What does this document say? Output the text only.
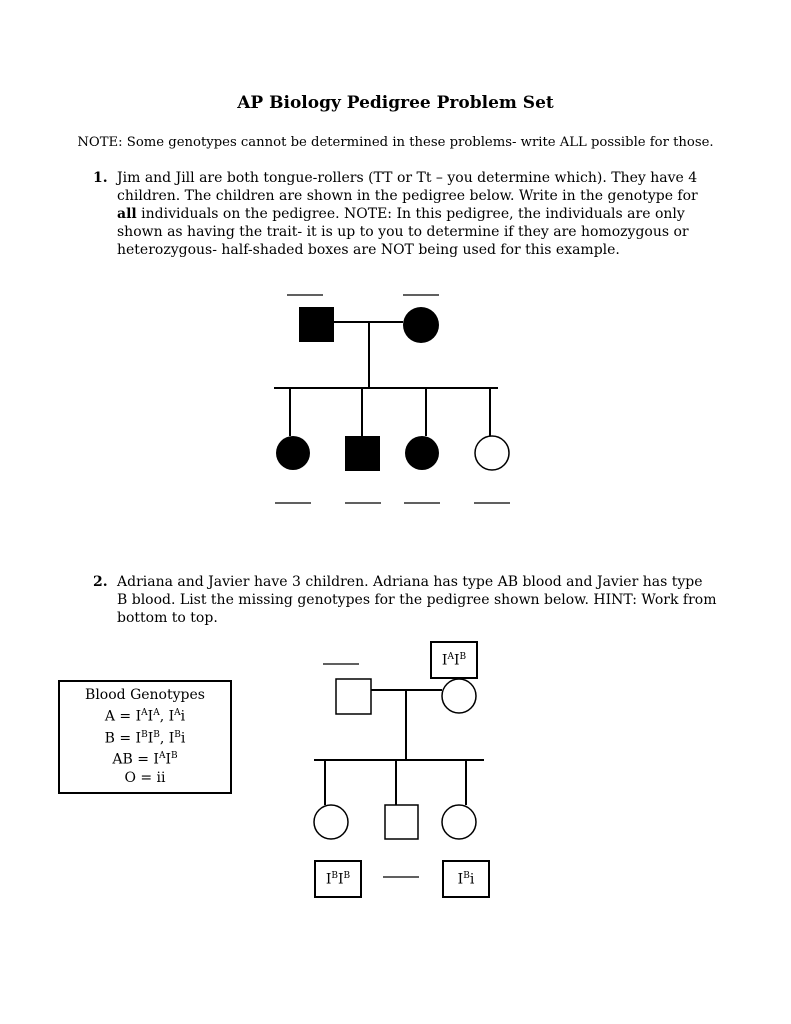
AP Biology Pedigree Problem Set
NOTE: Some genotypes cannot be determined in these problems- write ALL possible for those.
1. Jim and Jill are both tongue-rollers (TT or Tt – you determine which). They have 4 children. The children are shown in the pedigree below. Write in the genotype for all individuals on the pedigree. NOTE: In this pedigree, the individuals are only shown as having the trait- it is up to you to determine if they are homozygous or heterozygous- half-shaded boxes are NOT being used for this example.
2. Adriana and Javier have 3 children. Adriana has type AB blood and Javier has type B blood. List the missing genotypes for the pedigree shown below. HINT: Work from bottom to top.
$I^AI^B$
$I^BI^B$	$I^Bi$
Blood Genotypes
$A = I^AI^A$, $I^Ai$
$B = I^BI^B$, $I^Bi$
AB = $I^AI^B$
O = ii
